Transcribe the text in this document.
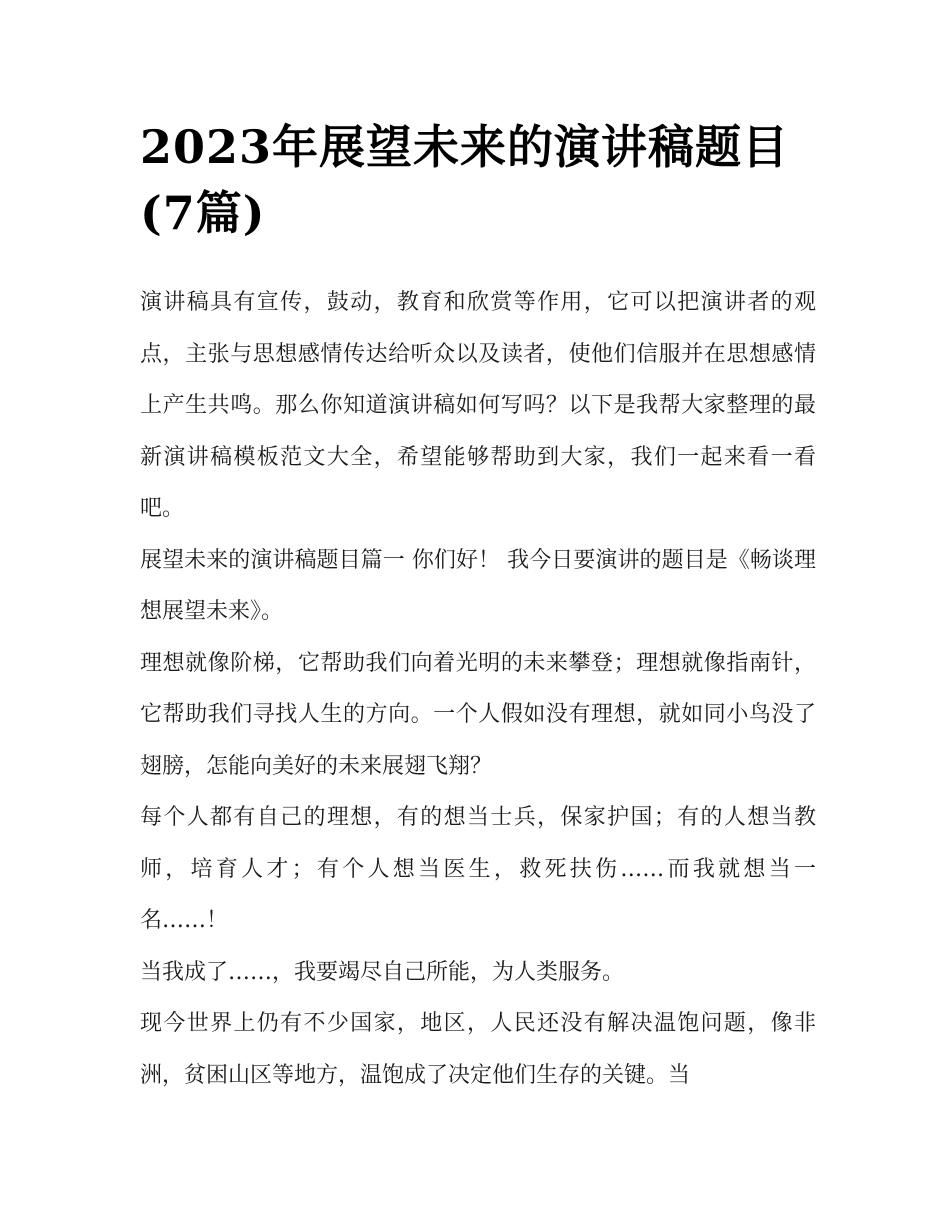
2023年展望未来的演讲稿题目
(7篇)

演讲稿具有宣传，鼓动，教育和欣赏等作用，它可以把演讲者的观点，主张与思想感情传达给听众以及读者，使他们信服并在思想感情上产生共鸣。那么你知道演讲稿如何写吗？以下是我帮大家整理的最新演讲稿模板范文大全，希望能够帮助到大家，我们一起来看一看吧。

展望未来的演讲稿题目篇一 你们好！ 我今日要演讲的题目是《畅谈理想展望未来》。

理想就像阶梯，它帮助我们向着光明的未来攀登；理想就像指南针，它帮助我们寻找人生的方向。一个人假如没有理想，就如同小鸟没了翅膀，怎能向美好的未来展翅飞翔？

每个人都有自己的理想，有的想当士兵，保家护国；有的人想当教师，培育人才；有个人想当医生，救死扶伤……而我就想当一名……！

当我成了……，我要竭尽自己所能，为人类服务。

现今世界上仍有不少国家，地区，人民还没有解决温饱问题，像非洲，贫困山区等地方，温饱成了决定他们生存的关键。当
